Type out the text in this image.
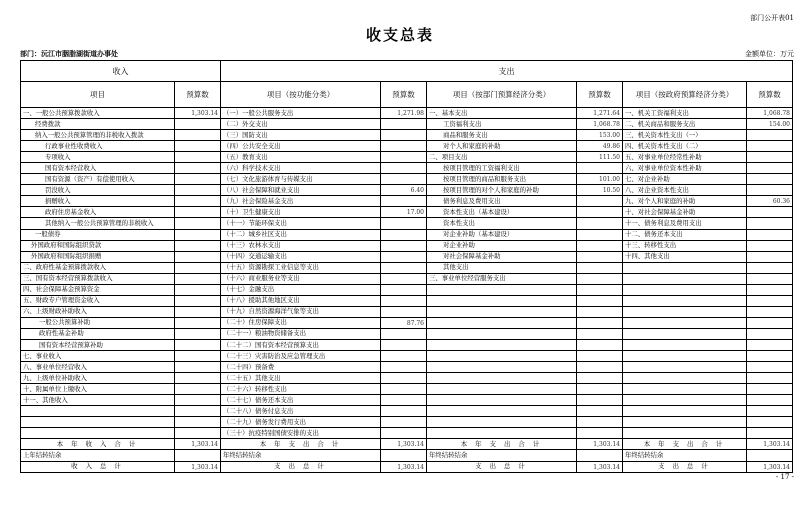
部门公开表01
收支总表
部门：沅江市胭脂湖街道办事处	金额单位：万元
收入		支出					
项目	预算数	项目（按功能分类）	预算数	项目（按部门预算经济分类）	预算数	项目（按政府预算经济分类）	预算数
一、一般公共预算拨款收入	1,303.14	（一）一般公共服务支出	1,271.98	一、基本支出	1,271.64	一、机关工资福利支出	1,068.78
经费拨款		（二）外交支出		工资福利支出	1,068.78	二、机关商品和服务支出	154.00
纳入一般公共预算管理的非税收入拨款		（三）国防支出		商品和服务支出	153.00	三、机关资本性支出（一）	
行政事业性收费收入		（四）公共安全支出		对个人和家庭的补助	49.86	四、机关资本性支出（二）	
专项收入		（五）教育支出		二、项目支出	111.50	五、对事业单位经常性补助	
国有资本经营收入		（六）科学技术支出		按项目管理的工资福利支出		六、对事业单位资本性补助	
国有资源（资产）有偿使用收入		（七）文化旅游体育与传媒支出		按项目管理的商品和服务支出	101.00	七、对企业补助	
罚没收入		（八）社会保障和就业支出	6.40	按项目管理的对个人和家庭的补助	10.50	八、对企业资本性支出	
捐赠收入		（九）社会保险基金支出		债务利息及费用支出		九、对个人和家庭的补助	60.36
政府住房基金收入		（十）卫生健康支出	17.00	资本性支出（基本建设）		十、对社会保障基金补助	
其他纳入一般公共预算管理的非税收入		（十一）节能环保支出		资本性支出		十一、债务利息及费用支出	
一般债券		（十二）城乡社区支出		对企业补助（基本建设）		十二、债务还本支出	
外国政府和国际组织贷款		（十三）农林水支出		对企业补助		十三、转移性支出	
外国政府和国际组织捐赠		（十四）交通运输支出		对社会保障基金补助		十四、其他支出	
二、政府性基金预算拨款收入		（十五）资源勘探工业信息等支出		其他支出			
三、国有资本经营预算拨款收入		（十六）商业服务业等支出		三、事业单位经营服务支出			
四、社会保障基金预算资金		（十七）金融支出					
五、财政专户管理资金收入		（十八）援助其他地区支出					
六、上级财政补助收入		（十九）自然资源海洋气象等支出					
一般公共预算补助		（二十）住房保障支出	87.76				
政府性基金补助		（二十一）粮油物资储备支出					
国有资本经营预算补助		（二十二）国有资本经营预算支出					
七、事业收入		（二十三）灾害防治及应急管理支出					
八、事业单位经营收入		（二十四）预备费					
九、上级单位补助收入		（二十五）其他支出					
十、附属单位上缴收入		（二十六）转移性支出					
十一、其他收入		（二十七）债务还本支出					
		（二十八）债务付息支出					
		（二十九）债务发行费用支出					
		（三十）抗疫特别国债安排的支出					
本 年 收 入 合 计	1,303.14	本 年 支 出 合 计	1,303.14	本 年 支 出 合 计	1,303.14	本 年 支 出 合 计	1,303.14
上年结转结余		年终结转结余		年终结转结余		年终结转结余	
收 入 总 计	1,303.14	支 出 总 计	1,303.14	支 出 总 计	1,303.14	支 出 总 计	1,303.14
- 17 -
